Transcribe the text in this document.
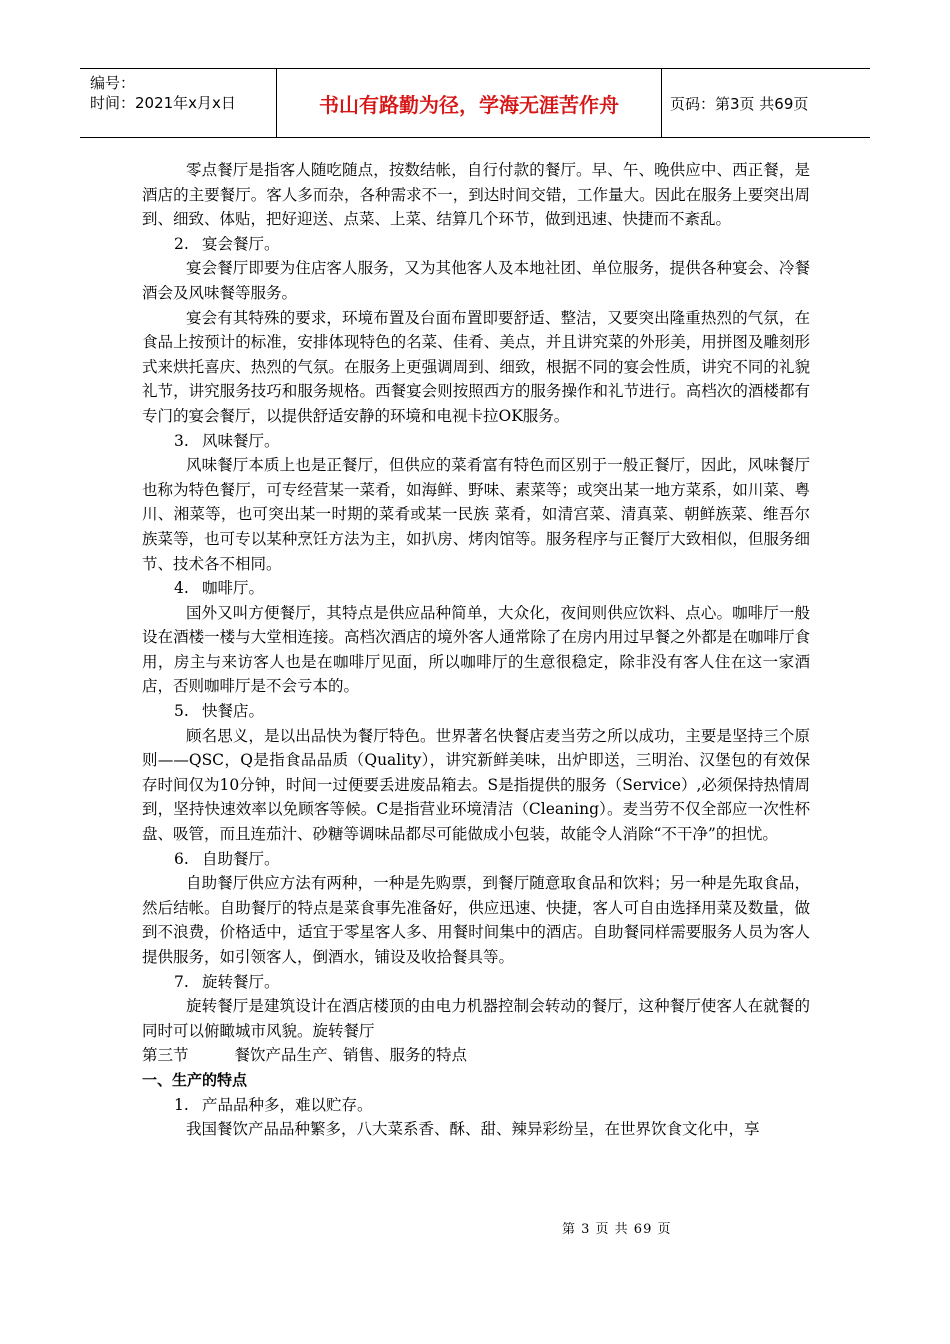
编号：
时间：2021年x月x日	书山有路勤为径，学海无涯苦作舟	页码：第3页 共69页

零点餐厅是指客人随吃随点，按数结帐，自行付款的餐厅。早、午、晚供应中、西正餐，是酒店的主要餐厅。客人多而杂，各种需求不一，到达时间交错，工作量大。因此在服务上要突出周到、细致、体贴，把好迎送、点菜、上菜、结算几个环节，做到迅速、快捷而不紊乱。

2. 宴会餐厅。

宴会餐厅即要为住店客人服务，又为其他客人及本地社团、单位服务，提供各种宴会、冷餐酒会及风味餐等服务。

宴会有其特殊的要求，环境布置及台面布置即要舒适、整洁，又要突出隆重热烈的气氛，在食品上按预计的标准，安排体现特色的名菜、佳肴、美点，并且讲究菜的外形美，用拼图及雕刻形式来烘托喜庆、热烈的气氛。在服务上更强调周到、细致，根据不同的宴会性质，讲究不同的礼貌礼节，讲究服务技巧和服务规格。西餐宴会则按照西方的服务操作和礼节进行。高档次的酒楼都有专门的宴会餐厅，以提供舒适安静的环境和电视卡拉OK服务。

3. 风味餐厅。

风味餐厅本质上也是正餐厅，但供应的菜肴富有特色而区别于一般正餐厅，因此，风味餐厅也称为特色餐厅，可专经营某一菜肴，如海鲜、野味、素菜等；或突出某一地方菜系，如川菜、粤川、湘菜等，也可突出某一时期的菜肴或某一民族 菜肴，如清宫菜、清真菜、朝鲜族菜、维吾尔族菜等，也可专以某种烹饪方法为主，如扒房、烤肉馆等。服务程序与正餐厅大致相似，但服务细节、技术各不相同。

4. 咖啡厅。

国外又叫方便餐厅，其特点是供应品种简单，大众化，夜间则供应饮料、点心。咖啡厅一般设在酒楼一楼与大堂相连接。高档次酒店的境外客人通常除了在房内用过早餐之外都是在咖啡厅食用，房主与来访客人也是在咖啡厅见面，所以咖啡厅的生意很稳定，除非没有客人住在这一家酒店，否则咖啡厅是不会亏本的。

5. 快餐店。

顾名思义，是以出品快为餐厅特色。世界著名快餐店麦当劳之所以成功，主要是坚持三个原则——QSC，Q是指食品品质（Quality），讲究新鲜美味，出炉即送，三明治、汉堡包的有效保存时间仅为10分钟，时间一过便要丢进废品箱去。S是指提供的服务（Service）,必须保持热情周到，坚持快速效率以免顾客等候。C是指营业环境清洁（Cleaning）。麦当劳不仅全部应一次性杯盘、吸管，而且连茄汁、砂糖等调味品都尽可能做成小包装，故能令人消除“不干净”的担忧。

6. 自助餐厅。

自助餐厅供应方法有两种，一种是先购票，到餐厅随意取食品和饮料；另一种是先取食品，然后结帐。自助餐厅的特点是菜食事先准备好，供应迅速、快捷，客人可自由选择用菜及数量，做到不浪费，价格适中，适宜于零星客人多、用餐时间集中的酒店。自助餐同样需要服务人员为客人提供服务，如引领客人，倒酒水，铺设及收拾餐具等。

7. 旋转餐厅。

旋转餐厅是建筑设计在酒店楼顶的由电力机器控制会转动的餐厅，这种餐厅使客人在就餐的同时可以俯瞰城市风貌。旋转餐厅

第三节	餐饮产品生产、销售、服务的特点
一、生产的特点
1. 产品品种多，难以贮存。

我国餐饮产品品种繁多，八大菜系香、酥、甜、辣异彩纷呈，在世界饮食文化中，享

第 3 页 共 69 页
